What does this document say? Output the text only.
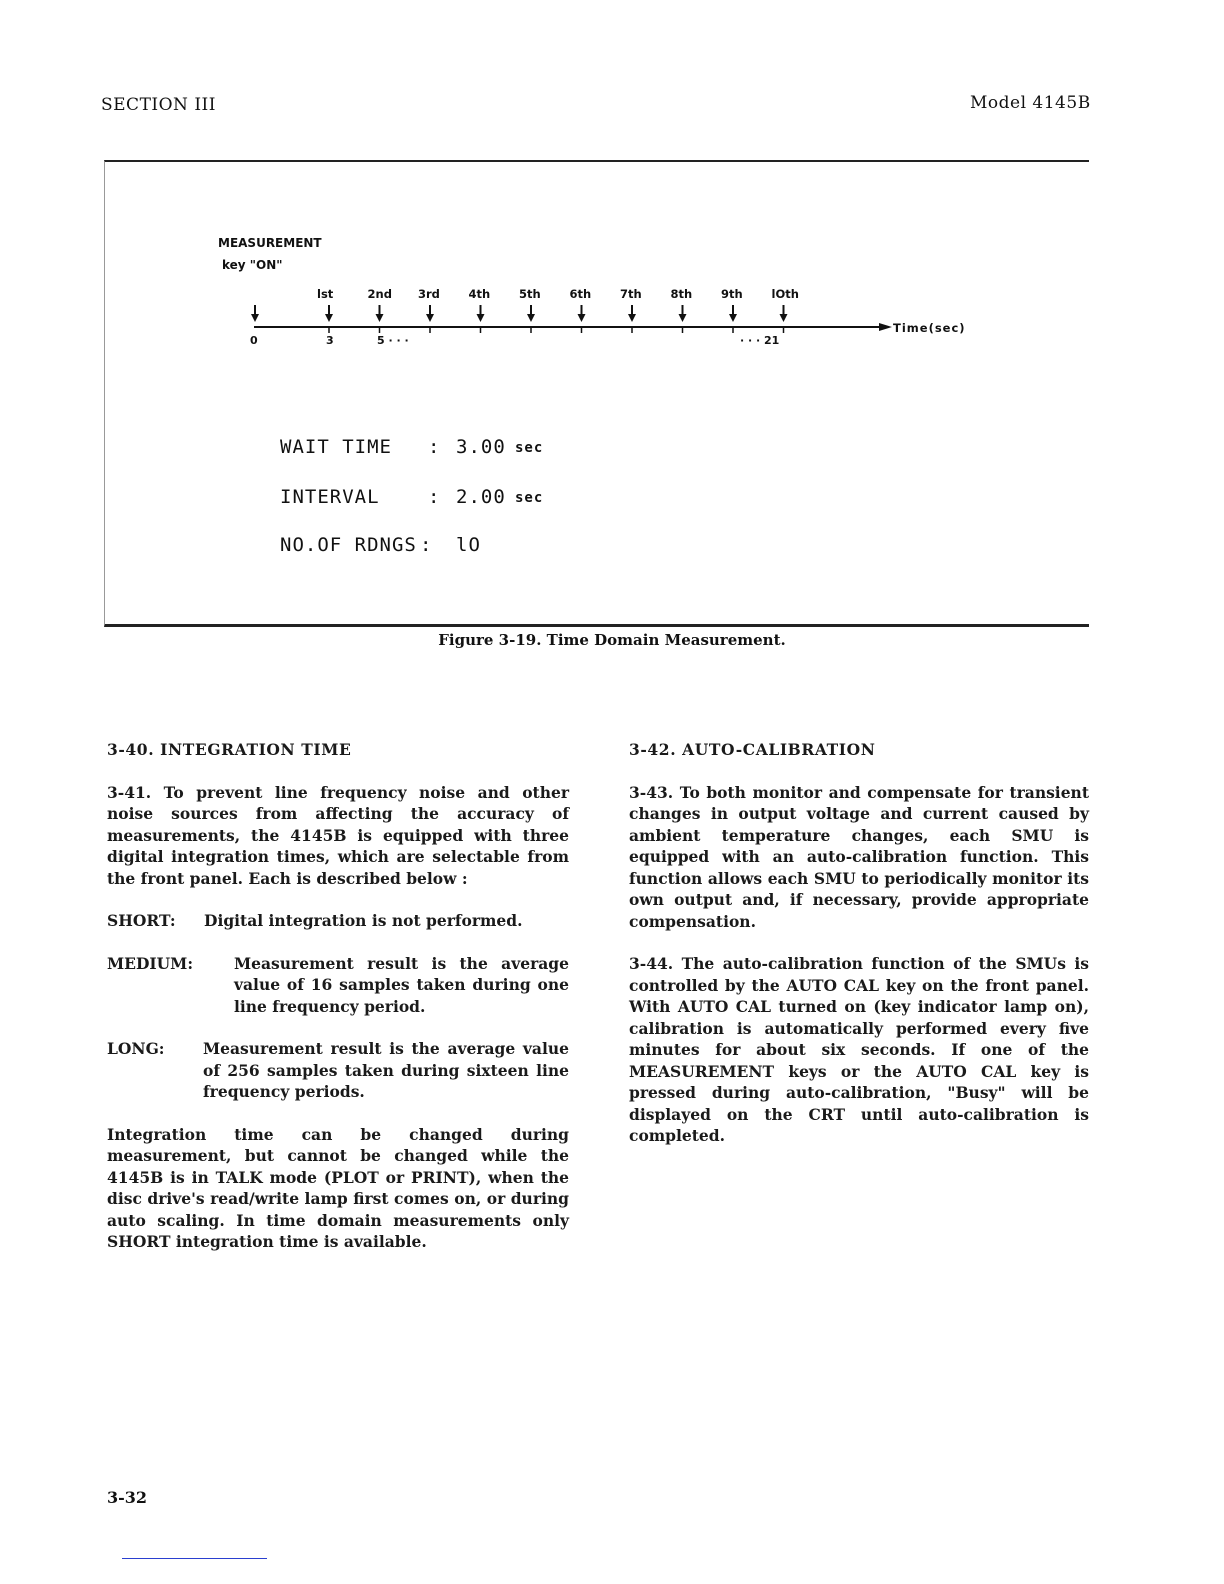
SECTION III	Model 4145B
MEASUREMENT
key "ON"
lst	2nd 3rd 4th	5th	6th	7th	8th	9th	lOth
0	3	5 · · ·	· · · 21
Time(sec)
WAIT TIME : 3.00 sec
INTERVAL	: 2.00 sec
NO.OF RDNGS : lO
Figure 3-19. Time Domain Measurement.

3-40. INTEGRATION TIME

3-41. To prevent line frequency noise and other noise sources from affecting the accuracy of measurements, the 4145B is equipped with three digital integration times, which are selectable from the front panel. Each is described below :

SHORT:	Digital integration is not performed.
MEDIUM:	Measurement result is the average value of 16 samples taken during one line frequency period.
LONG:	Measurement result is the average value of 256 samples taken during sixteen line frequency periods.

Integration time can be changed during measurement, but cannot be changed while the 4145B is in TALK mode (PLOT or PRINT), when the disc drive's read/write lamp first comes on, or during auto scaling. In time domain measurements only SHORT integration time is available.

3-42. AUTO-CALIBRATION

3-43. To both monitor and compensate for transient changes in output voltage and current caused by ambient temperature changes, each SMU is equipped with an auto-calibration function. This function allows each SMU to periodically monitor its own output and, if necessary, provide appropriate compensation.

3-44. The auto-calibration function of the SMUs is controlled by the AUTO CAL key on the front panel. With AUTO CAL turned on (key indicator lamp on), calibration is automatically performed every five minutes for about six seconds. If one of the MEASUREMENT keys or the AUTO CAL key is pressed during auto-calibration, "Busy" will be displayed on the CRT until auto-calibration is completed.

3-32
